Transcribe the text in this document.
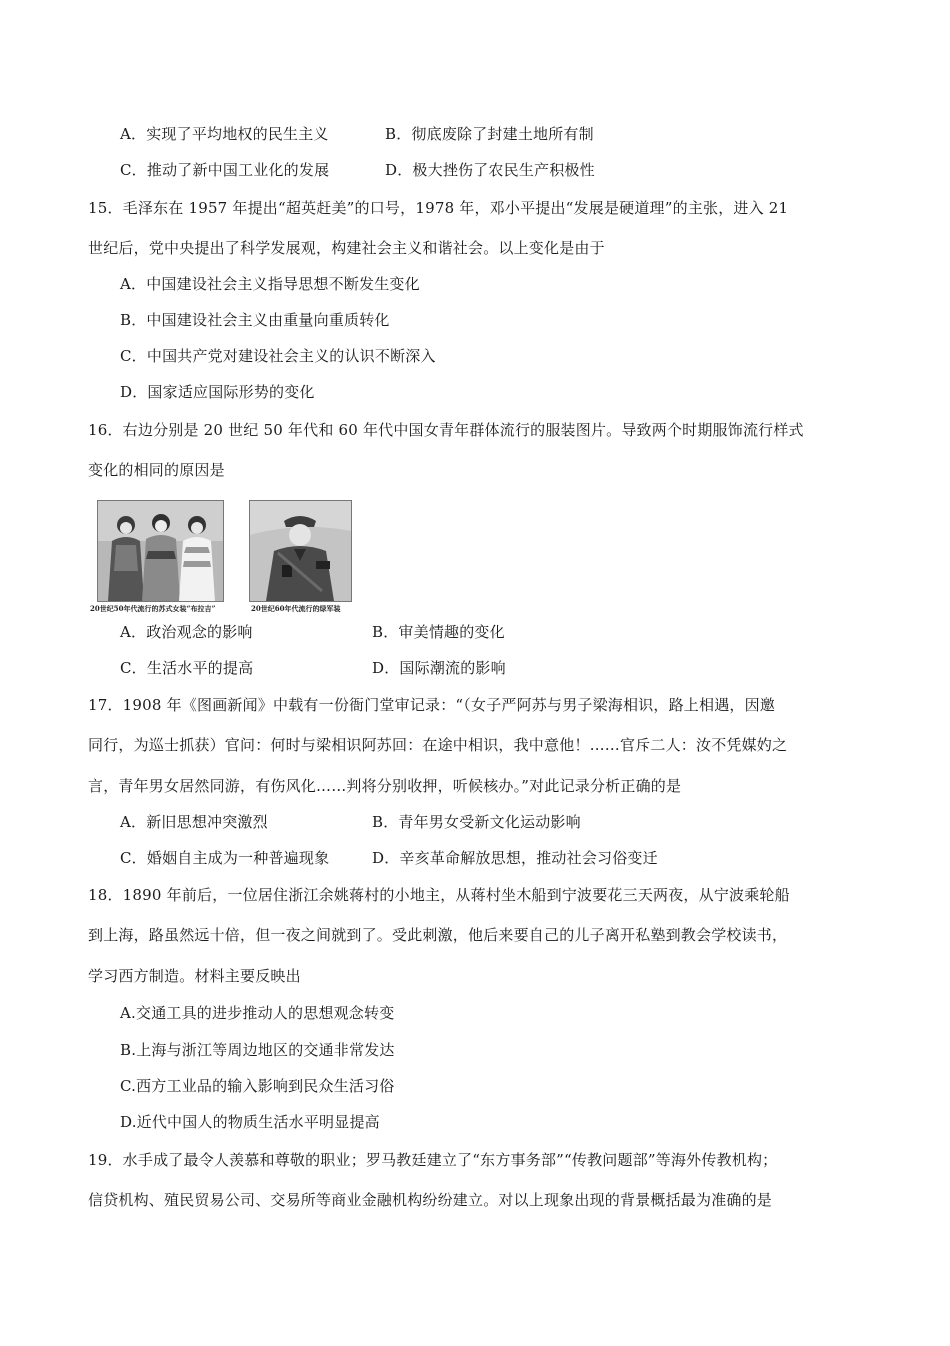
A．实现了平均地权的民生主义	B．彻底废除了封建土地所有制
C．推动了新中国工业化的发展	D．极大挫伤了农民生产积极性
15．毛泽东在 1957 年提出“超英赶美”的口号，1978 年，邓小平提出“发展是硬道理”的主张，进入 21
世纪后，党中央提出了科学发展观，构建社会主义和谐社会。以上变化是由于
A．中国建设社会主义指导思想不断发生变化
B．中国建设社会主义由重量向重质转化
C．中国共产党对建设社会主义的认识不断深入
D．国家适应国际形势的变化
16．右边分别是 20 世纪 50 年代和 60 年代中国女青年群体流行的服装图片。导致两个时期服饰流行样式
变化的相同的原因是
20世纪50年代流行的苏式女装“布拉吉”	20世纪60年代流行的绿军装
A．政治观念的影响	B．审美情趣的变化
C．生活水平的提高	D．国际潮流的影响
17．1908 年《图画新闻》中载有一份衙门堂审记录：“（女子严阿苏与男子梁海相识，路上相遇，因邀
同行，为巡士抓获）官问：何时与梁相识阿苏回：在途中相识，我中意他！……官斥二人：汝不凭媒妁之
言，青年男女居然同游，有伤风化……判将分别收押，听候核办。”对此记录分析正确的是
A．新旧思想冲突激烈	B．青年男女受新文化运动影响
C．婚姻自主成为一种普遍现象	D．辛亥革命解放思想，推动社会习俗变迁
18．1890 年前后，一位居住浙江余姚蒋村的小地主，从蒋村坐木船到宁波要花三天两夜，从宁波乘轮船
到上海，路虽然远十倍，但一夜之间就到了。受此刺激，他后来要自己的儿子离开私塾到教会学校读书，
学习西方制造。材料主要反映出
A.交通工具的进步推动人的思想观念转变
B.上海与浙江等周边地区的交通非常发达
C.西方工业品的输入影响到民众生活习俗
D.近代中国人的物质生活水平明显提高
19．水手成了最令人羡慕和尊敬的职业；罗马教廷建立了“东方事务部”“传教问题部”等海外传教机构；
信贷机构、殖民贸易公司、交易所等商业金融机构纷纷建立。对以上现象出现的背景概括最为准确的是
